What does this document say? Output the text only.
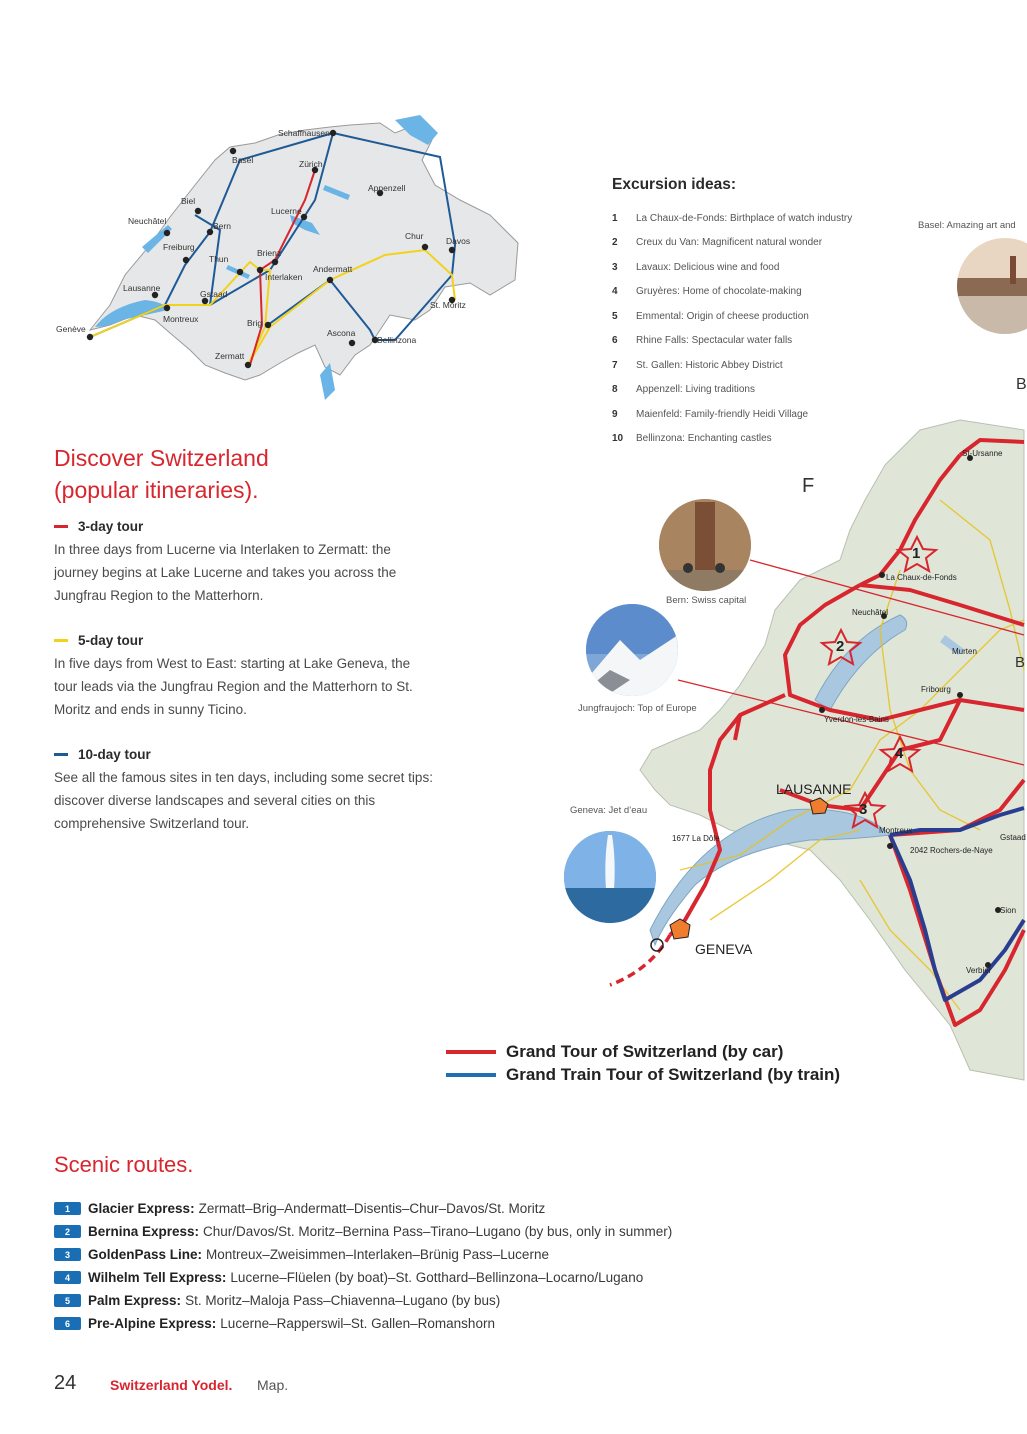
Schaffhausen
Basel	Zürich
Appenzell
Biel
Neuchâtel	Bern
Lucerne
Freiburg
Brienz
Thun
Interlaken
Chur	Davos
Andermatt
Lausanne
Gstaad
St. Moritz
Genève
Montreux	Brig
Ascona
Bellinzona
Zermatt
Discover Switzerland
(popular itineraries).
3-day tour
In three days from Lucerne via Interlaken to Zermatt: the journey begins at Lake Lucerne and takes you across the Jungfrau Region to the Matterhorn.
5-day tour
In five days from West to East: starting at Lake Geneva, the tour leads via the Jungfrau Region and the Matterhorn to St. Moritz and ends in sunny Ticino.
10-day tour
See all the famous sites in ten days, including some secret tips: discover diverse landscapes and several cities on this comprehensive Switzerland tour.
Excursion ideas:
1	La Chaux-de-Fonds: Birthplace of watch industry
2	Creux du Van: Magnificent natural wonder
3	Lavaux: Delicious wine and food
4	Gruyères: Home of chocolate-making
5	Emmental: Origin of cheese production
6	Rhine Falls: Spectacular water falls
7	St. Gallen: Historic Abbey District
8	Appenzell: Living traditions
9	Maienfeld: Family-friendly Heidi Village
10	Bellinzona: Enchanting castles
Basel: Amazing art and
B
Bern: Swiss capital
Jungfraujoch: Top of Europe
Geneva: Jet d’eau
1
2
3
4
St-Ursanne
La Chaux-de-Fonds
Neuchâtel
Murten
Fribourg
Yverdon-les-Bains
Montreux
Gstaad
Sion
Verbier
1677 La Dôle
2042 Rochers-de-Naye
LAUSANNE
GENEVA
F
B
Grand Tour of Switzerland (by car)
Grand Train Tour of Switzerland (by train)
Scenic routes.
1	Glacier Express: Zermatt–Brig–Andermatt–Disentis–Chur–Davos/St. Moritz
2	Bernina Express: Chur/Davos/St. Moritz–Bernina Pass–Tirano–Lugano (by bus, only in summer)
3	GoldenPass Line: Montreux–Zweisimmen–Interlaken–Brünig Pass–Lucerne
4	Wilhelm Tell Express: Lucerne–Flüelen (by boat)–St. Gotthard–Bellinzona–Locarno/Lugano
5	Palm Express: St. Moritz–Maloja Pass–Chiavenna–Lugano (by bus)
6	Pre-Alpine Express: Lucerne–Rapperswil–St. Gallen–Romanshorn
24 Switzerland Yodel. Map.
